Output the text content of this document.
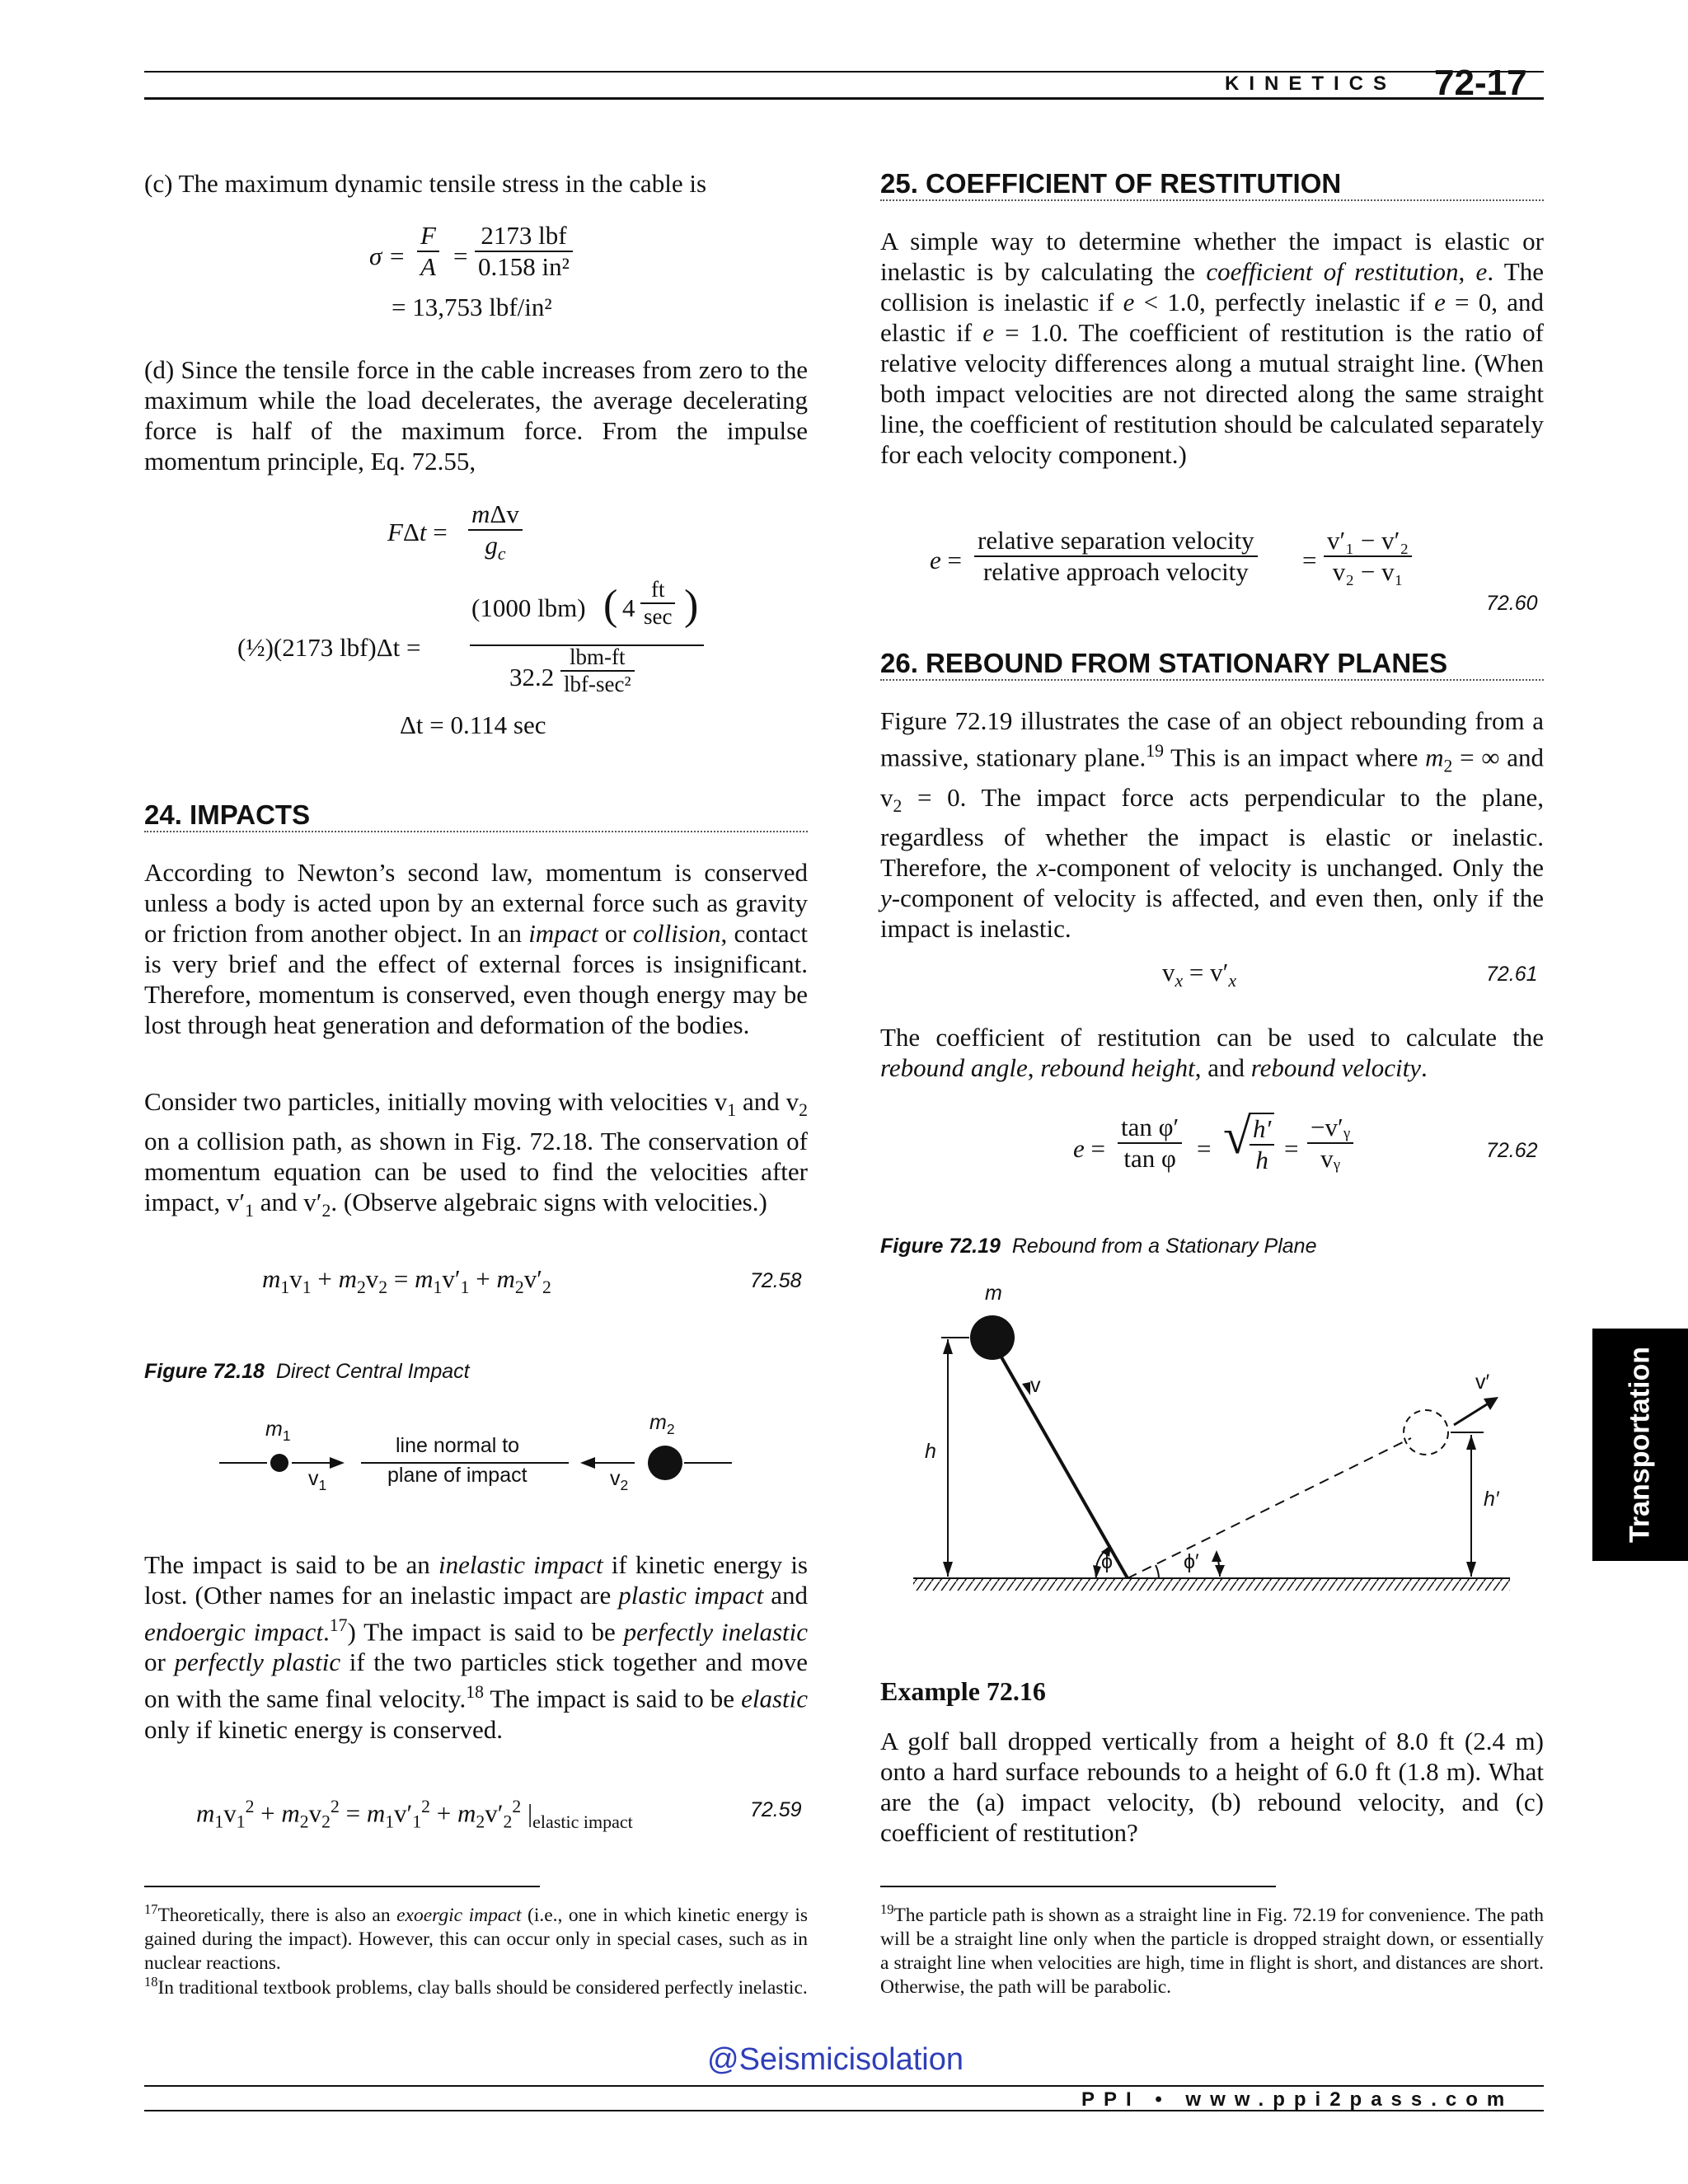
KINETICS 72-17

(c) The maximum dynamic tensile stress in the cable is

$\sigma = \frac{F}{A}$ =
2173 lbf
0.158 in²
= 13,753 lbf/in²

(d) Since the tensile force in the cable increases from zero to the maximum while the load decelerates, the average decelerating force is half of the maximum force. From the impulse momentum principle, Eq. 72.55,

FΔt =
mΔv
$g_c$
(½)(2173 lbf)Δt =
(1000 lbm) ( 4
ft
sec )
32.2
lbm-ft
lbf-sec²
Δt = 0.114 sec
24. IMPACTS

According to Newton’s second law, momentum is conserved unless a body is acted upon by an external force such as gravity or friction from another object. In an impact or collision, contact is very brief and the effect of external forces is insignificant. Therefore, momentum is conserved, even though energy may be lost through heat generation and deformation of the bodies.

Consider two particles, initially moving with velocities $v_1$ and $v_2$ on a collision path, as shown in Fig. 72.18. The conservation of momentum equation can be used to find the velocities after impact, $v'_1$ and $v'_2$. (Observe algebraic signs with velocities.)

$m_1v_1 + m_2v_2 = m_1v'_1 + m_2v'_2$	72.58
Figure 72.18 Direct Central Impact
$m_1$
$v_1$
line normal to
plane of impact	$v_2$
$m_2$

The impact is said to be an inelastic impact if kinetic energy is lost. (Other names for an inelastic impact are plastic impact and endoergic impact.$^{17}$) The impact is said to be perfectly inelastic or perfectly plastic if the two particles stick together and move on with the same final velocity.$^{18}$ The impact is said to be elastic only if kinetic energy is conserved.

$m_1v_1^2 + m_2v_2^2 = m_1v'_1^2 + m_2v'_2^2$ $|_{elastic impact}$
72.59

$^{17}$Theoretically, there is also an exoergic impact (i.e., one in which kinetic energy is gained during the impact). However, this can occur only in special cases, such as in nuclear reactions.

$^{18}$In traditional textbook problems, clay balls should be considered perfectly inelastic.

25. COEFFICIENT OF RESTITUTION

A simple way to determine whether the impact is elastic or inelastic is by calculating the coefficient of restitution, e. The collision is inelastic if e < 1.0, perfectly inelastic if e = 0, and elastic if e = 1.0. The coefficient of restitution is the ratio of relative velocity differences along a mutual straight line. (When both impact velocities are not directed along the same straight line, the coefficient of restitution should be calculated separately for each velocity component.)

e =
relative separation velocity
relative approach velocity	= $\frac{\text{v′₁ − v′₂}}{\text{v₂ − v₁}}$
72.60
26. REBOUND FROM STATIONARY PLANES

Figure 72.19 illustrates the case of an object rebounding from a massive, stationary plane.$^{19}$ This is an impact where $m_2$ = ∞ and $v_2 = 0$. The impact force acts perpendicular to the plane, regardless of whether the impact is elastic or inelastic. Therefore, the x-component of velocity is unchanged. Only the y-component of velocity is affected, and even then, only if the impact is inelastic.

$v_x = v'_x$	72.61

The coefficient of restitution can be used to calculate the rebound angle, rebound height, and rebound velocity.

$e = \frac{\text{tan φ′}}{\text{tan φ}}$ = √
$\frac{h'}{h} = \frac{\text{−v′ᵧ}}{\text{vᵧ}}$	72.62
Figure 72.19 Rebound from a Stationary Plane
m
v	v′
h
h′
ϕ	ϕ′
Example 72.16

A golf ball dropped vertically from a height of 8.0 ft (2.4 m) onto a hard surface rebounds to a height of 6.0 ft (1.8 m). What are the (a) impact velocity, (b) rebound velocity, and (c) coefficient of restitution?

$^{19}$The particle path is shown as a straight line in Fig. 72.19 for convenience. The path will be a straight line only when the particle is dropped straight down, or essentially a straight line when velocities are high, time in flight is short, and distances are short. Otherwise, the path will be parabolic.

Transportation
@Seismicisolation
PPI • www.ppi2pass.com
